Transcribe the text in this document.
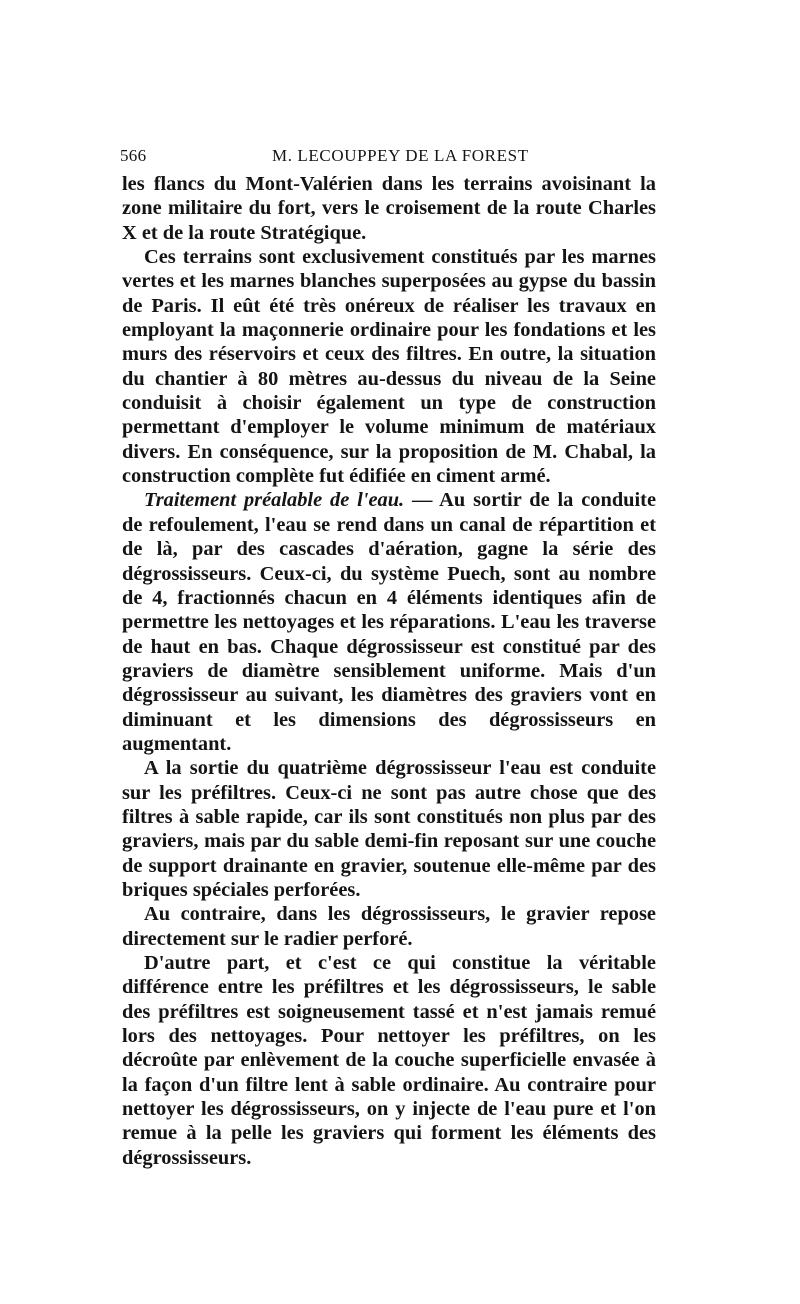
566	M. LECOUPPEY DE LA FOREST

les flancs du Mont-Valérien dans les terrains avoisinant la zone militaire du fort, vers le croisement de la route Charles X et de la route Stratégique.

Ces terrains sont exclusivement constitués par les marnes vertes et les marnes blanches superposées au gypse du bassin de Paris. Il eût été très onéreux de réaliser les travaux en employant la maçonnerie ordinaire pour les fondations et les murs des réservoirs et ceux des filtres. En outre, la situation du chantier à 80 mètres au-dessus du niveau de la Seine conduisit à choisir également un type de construction permettant d'employer le volume minimum de matériaux divers. En conséquence, sur la proposition de M. Chabal, la construction complète fut édifiée en ciment armé.

Traitement préalable de l'eau. — Au sortir de la conduite de refoulement, l'eau se rend dans un canal de répartition et de là, par des cascades d'aération, gagne la série des dégrossisseurs. Ceux-ci, du système Puech, sont au nombre de 4, fractionnés chacun en 4 éléments identiques afin de permettre les nettoyages et les réparations. L'eau les traverse de haut en bas. Chaque dégrossisseur est constitué par des graviers de diamètre sensiblement uniforme. Mais d'un dégrossisseur au suivant, les diamètres des graviers vont en diminuant et les dimensions des dégrossisseurs en augmentant.

A la sortie du quatrième dégrossisseur l'eau est conduite sur les préfiltres. Ceux-ci ne sont pas autre chose que des filtres à sable rapide, car ils sont constitués non plus par des graviers, mais par du sable demi-fin reposant sur une couche de support drainante en gravier, soutenue elle-même par des briques spéciales perforées.

Au contraire, dans les dégrossisseurs, le gravier repose directement sur le radier perforé.

D'autre part, et c'est ce qui constitue la véritable différence entre les préfiltres et les dégrossisseurs, le sable des préfiltres est soigneusement tassé et n'est jamais remué lors des nettoyages. Pour nettoyer les préfiltres, on les décroûte par enlèvement de la couche superficielle envasée à la façon d'un filtre lent à sable ordinaire. Au contraire pour nettoyer les dégrossisseurs, on y injecte de l'eau pure et l'on remue à la pelle les graviers qui forment les éléments des dégrossisseurs.
